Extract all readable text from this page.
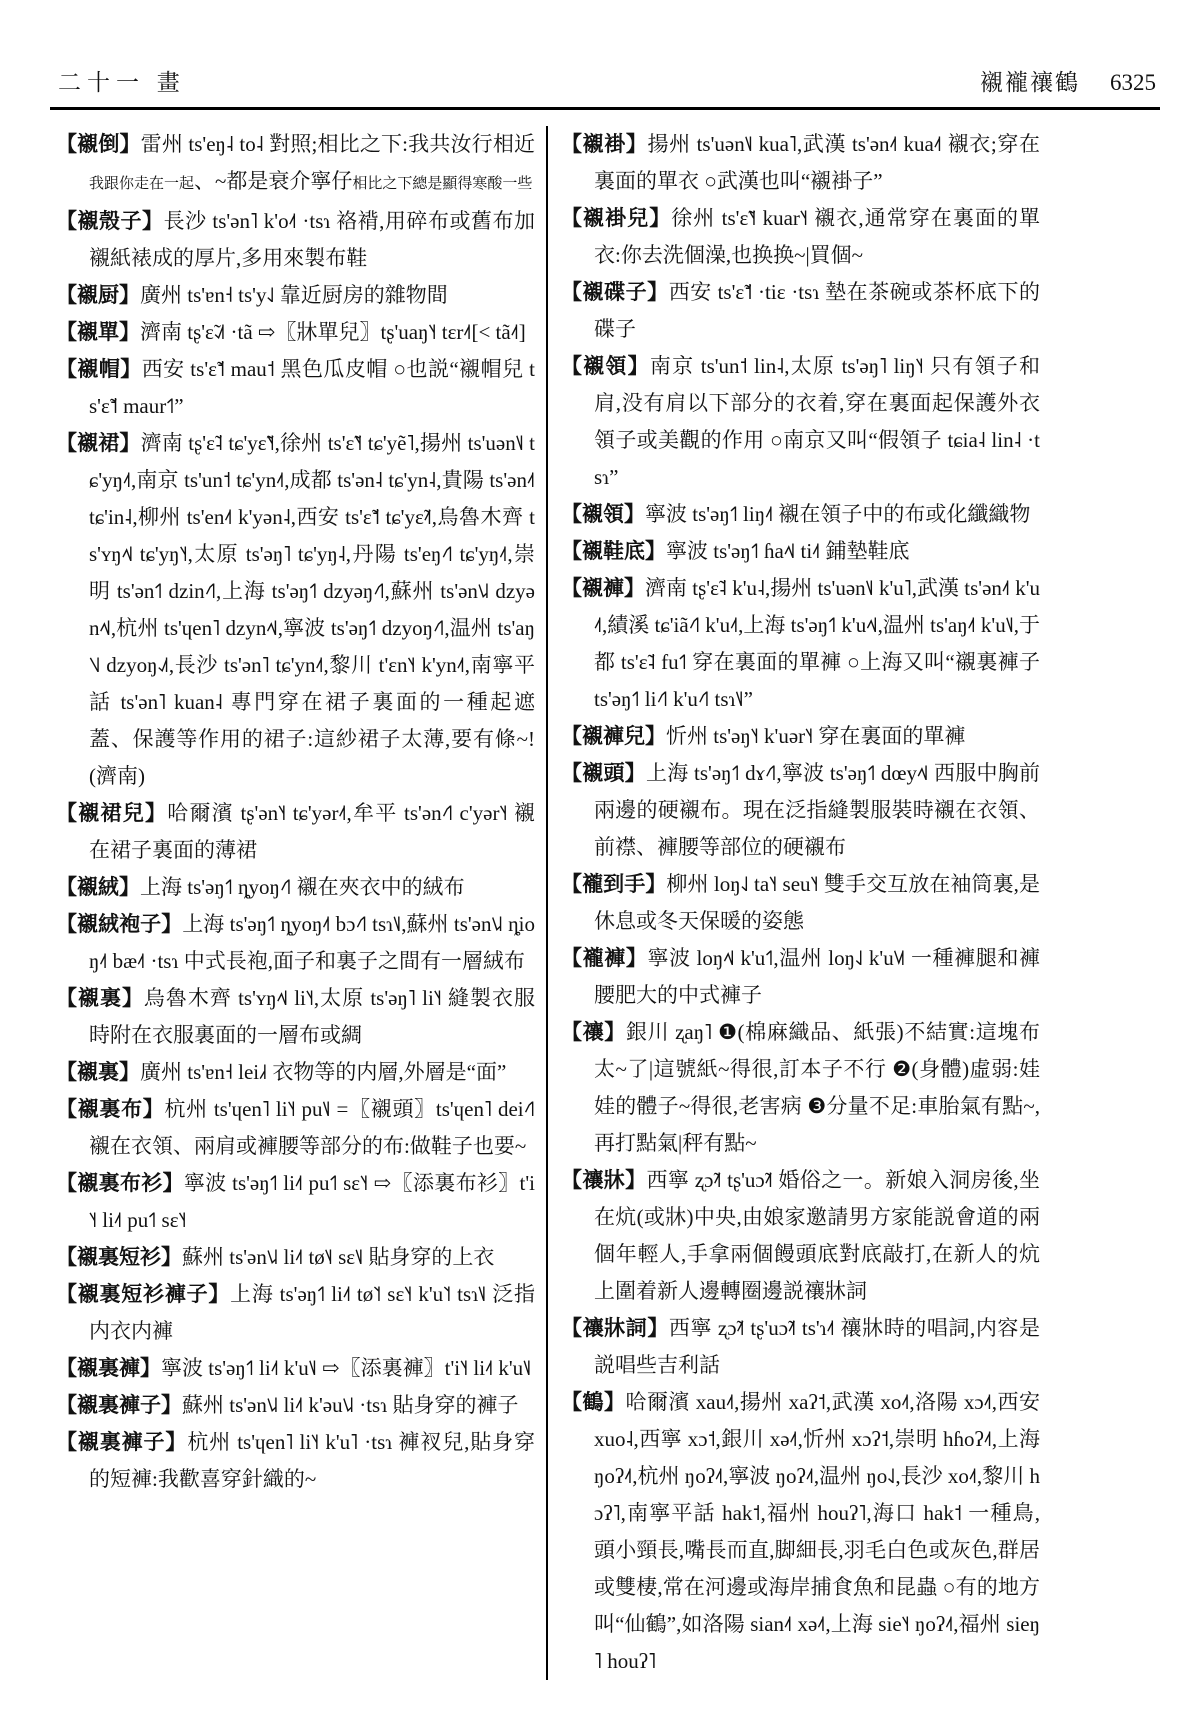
二十一 畫	襯襱禳鶴 6325

【襯倒】雷州 ts'eŋ˨ to˨ 對照;相比之下:我共汝行相近我跟你走在一起、~都是衰介寧仔相比之下總是顯得寒酸一些

【襯殼子】長沙 ts'ən˥ k'o˨˦ ·tsɿ 袼褙,用碎布或舊布加襯紙裱成的厚片,多用來製布鞋

【襯厨】廣州 ts'ɐn˧ ts'y˨˩ 靠近厨房的雜物間

【襯單】濟南 tʂ'ɛ̃˨˩˦ ·tã ⇨〖牀單兒〗tʂ'uaŋ˥˧ tɛr˨˦[< tã˨˦]

【襯帽】西安 ts'ɛ̃˦ mau˦ 黑色瓜皮帽 ○也説“襯帽兒 ts'ɛ̃˦ maur˦˥”

【襯裙】濟南 tʂ'ɛ̃˨ tɕ'yɛ̃˥˧,徐州 ts'ɛ̃˥˧ tɕ'yẽ˥,揚州 ts'uən˥˩ tɕ'yŋ˨˦,南京 ts'un˦ tɕ'yn˨˦,成都 ts'ən˨ tɕ'yn˨,貴陽 ts'ən˨˦ tɕ'in˨,柳州 ts'en˨˦ k'yən˨,西安 ts'ɛ̃˦ tɕ'yɛ̃˨˦,烏魯木齊 ts'ʏŋ˨˦˩ tɕ'yŋ˥˧,太原 ts'əŋ˥ tɕ'yŋ˨,丹陽 ts'eŋ˨˦˥ tɕ'yŋ˨˦,崇明 ts'ən˦˥ dzin˨˦˥,上海 ts'əŋ˦˥ dzyəŋ˨˦˥,蘇州 ts'ən˦˩˨ dzyən˨˦˩,杭州 ts'ɥen˥ dzyn˨˦˩,寧波 ts'əŋ˦˥ dzyoŋ˨˦˥,温州 ts'aŋ˥˧˩ dzyoŋ˨˩˦,長沙 ts'ən˥ tɕ'yn˨˦,黎川 t'ɛn˥˧ k'yn˨˦,南寧平話 ts'ən˥ kuan˨ 專門穿在裙子裏面的一種起遮蓋、保護等作用的裙子:這紗裙子太薄,要有條~!(濟南)

【襯裙兒】哈爾濱 tʂ'ən˥˧ tɕ'yər˨˦,牟平 ts'ən˨˦˥ c'yər˥˧ 襯在裙子裏面的薄裙

【襯絨】上海 ts'əŋ˦˥ ȵyoŋ˨˦˥ 襯在夾衣中的絨布

【襯絨袍子】上海 ts'əŋ˦˥ ȵyoŋ˨˦ bɔ˨˦˥ tsɿ˥˩,蘇州 ts'ən˦˩˨ ȵioŋ˨˦ bæ˨˦ ·tsɿ 中式長袍,面子和裏子之間有一層絨布

【襯裏】烏魯木齊 ts'ʏŋ˨˦˩ li˥˧,太原 ts'əŋ˥ li˥˧ 縫製衣服時附在衣服裏面的一層布或綢

【襯裏】廣州 ts'ɐn˧ lei˩˧ 衣物等的内層,外層是“面”

【襯裏布】杭州 ts'ɥen˥ li˥˧ pu˥˩ =〖襯頭〗ts'ɥen˥ dei˨˦˥ 襯在衣領、兩肩或褲腰等部分的布:做鞋子也要~

【襯裏布衫】寧波 ts'əŋ˦˥ li˨˦ pu˦˥ sɛ˥˧ ⇨〖添裏布衫〗t'i˥˧ li˨˦ pu˦˥ sɛ˥˧

【襯裏短衫】蘇州 ts'ən˦˩˨ li˨˦ tø˥˨ sɛ˥˩ 貼身穿的上衣

【襯裏短衫褲子】上海 ts'əŋ˦˥ li˨˦ tø˥˦ sɛ˥˧ k'u˥˦ tsɿ˥˩ 泛指内衣内褲

【襯裏褲】寧波 ts'əŋ˦˥ li˨˦ k'u˥˩ ⇨〖添裏褲〗t'i˥˧ li˨˦ k'u˥˩

【襯裏褲子】蘇州 ts'ən˦˩˨ li˨˦ k'əu˦˩˨ ·tsɿ 貼身穿的褲子

【襯裏褲子】杭州 ts'ɥen˥ li˥˧ k'u˥ ·tsɿ 褲衩兒,貼身穿的短褲:我歡喜穿針織的~

【襯褂】揚州 ts'uən˥˩ kua˥,武漢 ts'ən˨˦ kua˨˦ 襯衣;穿在裏面的單衣 ○武漢也叫“襯褂子”

【襯褂兒】徐州 ts'ɛ̃˥˧ kuar˥˧ 襯衣,通常穿在裏面的單衣:你去洗個澡,也换换~|買個~

【襯碟子】西安 ts'ɛ̃˦ ·tiɛ ·tsɿ 墊在茶碗或茶杯底下的碟子

【襯領】南京 ts'un˦ lin˨,太原 ts'əŋ˥ liŋ˥˧ 只有領子和肩,没有肩以下部分的衣着,穿在裏面起保護外衣領子或美觀的作用 ○南京又叫“假領子 tɕia˨ lin˨ ·tsɿ”

【襯領】寧波 ts'əŋ˦˥ liŋ˨˦ 襯在領子中的布或化纖織物

【襯鞋底】寧波 ts'əŋ˦˥ ɦa˨˦˩ ti˨˦ 鋪墊鞋底

【襯褲】濟南 tʂ'ɛ̃˨ k'u˨,揚州 ts'uən˥˩ k'u˥,武漢 ts'ən˨˦ k'u˨˦,績溪 tɕ'iã˨˦˥ k'u˨˦,上海 ts'əŋ˦˥ k'u˨˦˩,温州 ts'aŋ˨˦ k'u˥˩,于都 ts'ɛ̃˨ fu˦˥ 穿在裏面的單褲 ○上海又叫“襯裏褲子 ts'əŋ˦˥ li˨˦˥ k'u˨˦˥ tsɿ˥˩”

【襯褲兒】忻州 ts'əŋ˥˧ k'uər˥˧ 穿在裏面的單褲

【襯頭】上海 ts'əŋ˦˥ dɤ˨˦˥,寧波 ts'əŋ˦˥ dœy˨˦˩ 西服中胸前兩邊的硬襯布。現在泛指縫製服裝時襯在衣領、前襟、褲腰等部位的硬襯布

【襱到手】柳州 loŋ˨˩ ta˥˧ seu˥˧ 雙手交互放在袖筒裏,是休息或冬天保暖的姿態

【襱褲】寧波 loŋ˨˦˩ k'u˦˥,温州 loŋ˨˩ k'u˥˩˦ 一種褲腿和褲腰肥大的中式褲子

【禳】銀川 ʐaŋ˥ ❶(棉麻織品、紙張)不結實:這塊布太~了|這號紙~得很,訂本子不行 ❷(身體)虛弱:娃娃的體子~得很,老害病 ❸分量不足:車胎氣有點~,再打點氣|秤有點~

【禳牀】西寧 ʐɔ̃˨˦ tʂ'uɔ̃˨˦ 婚俗之一。新娘入洞房後,坐在炕(或牀)中央,由娘家邀請男方家能説會道的兩個年輕人,手拿兩個饅頭底對底敲打,在新人的炕上圍着新人邊轉圈邊説禳牀詞

【禳牀詞】西寧 ʐɔ̃˨˦ tʂ'uɔ̃˨˦ ts'ɿ˨˦ 禳牀時的唱詞,内容是説唱些吉利話

【鶴】哈爾濱 xau˨˦,揚州 xaʔ˦,武漢 xo˨˦,洛陽 xɔ˨˦,西安 xuo˨,西寧 xɔ˦,銀川 xə˨˦,忻州 xɔʔ˦,崇明 hɦoʔ˨˦,上海 ŋoʔ˨˦,杭州 ŋoʔ˨˦,寧波 ŋoʔ˨˦,温州 ŋo˨˩,長沙 xo˨˦,黎川 hɔʔ˥,南寧平話 hak˦,福州 houʔ˥,海口 hak˦ 一種鳥,頭小頸長,嘴長而直,脚細長,羽毛白色或灰色,群居或雙棲,常在河邊或海岸捕食魚和昆蟲 ○有的地方叫“仙鶴”,如洛陽 sian˨˦ xə˨˦,上海 sie˥˧ ŋoʔ˨˦,福州 sieŋ˥ houʔ˥
